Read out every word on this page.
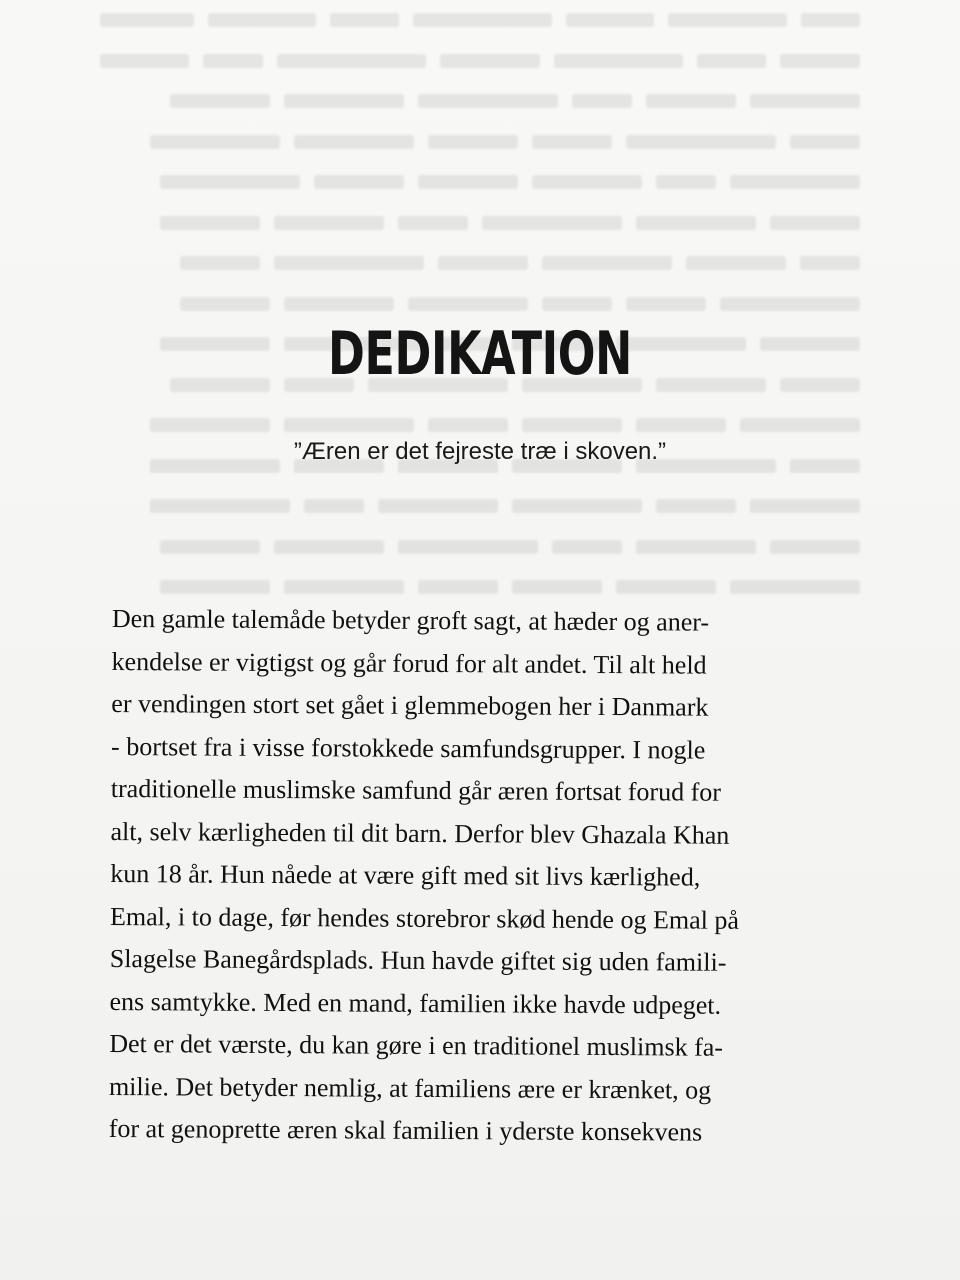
DEDIKATION
”Æren er det fejreste træ i skoven.”
Den gamle talemåde betyder groft sagt, at hæder og aner-
kendelse er vigtigst og går forud for alt andet. Til alt held
er vendingen stort set gået i glemmebogen her i Danmark
- bortset fra i visse forstokkede samfundsgrupper. I nogle
traditionelle muslimske samfund går æren fortsat forud for
alt, selv kærligheden til dit barn. Derfor blev Ghazala Khan
kun 18 år. Hun nåede at være gift med sit livs kærlighed,
Emal, i to dage, før hendes storebror skød hende og Emal på
Slagelse Banegårdsplads. Hun havde giftet sig uden famili-
ens samtykke. Med en mand, familien ikke havde udpeget.
Det er det værste, du kan gøre i en traditionel muslimsk fa-
milie. Det betyder nemlig, at familiens ære er krænket, og
for at genoprette æren skal familien i yderste konsekvens
